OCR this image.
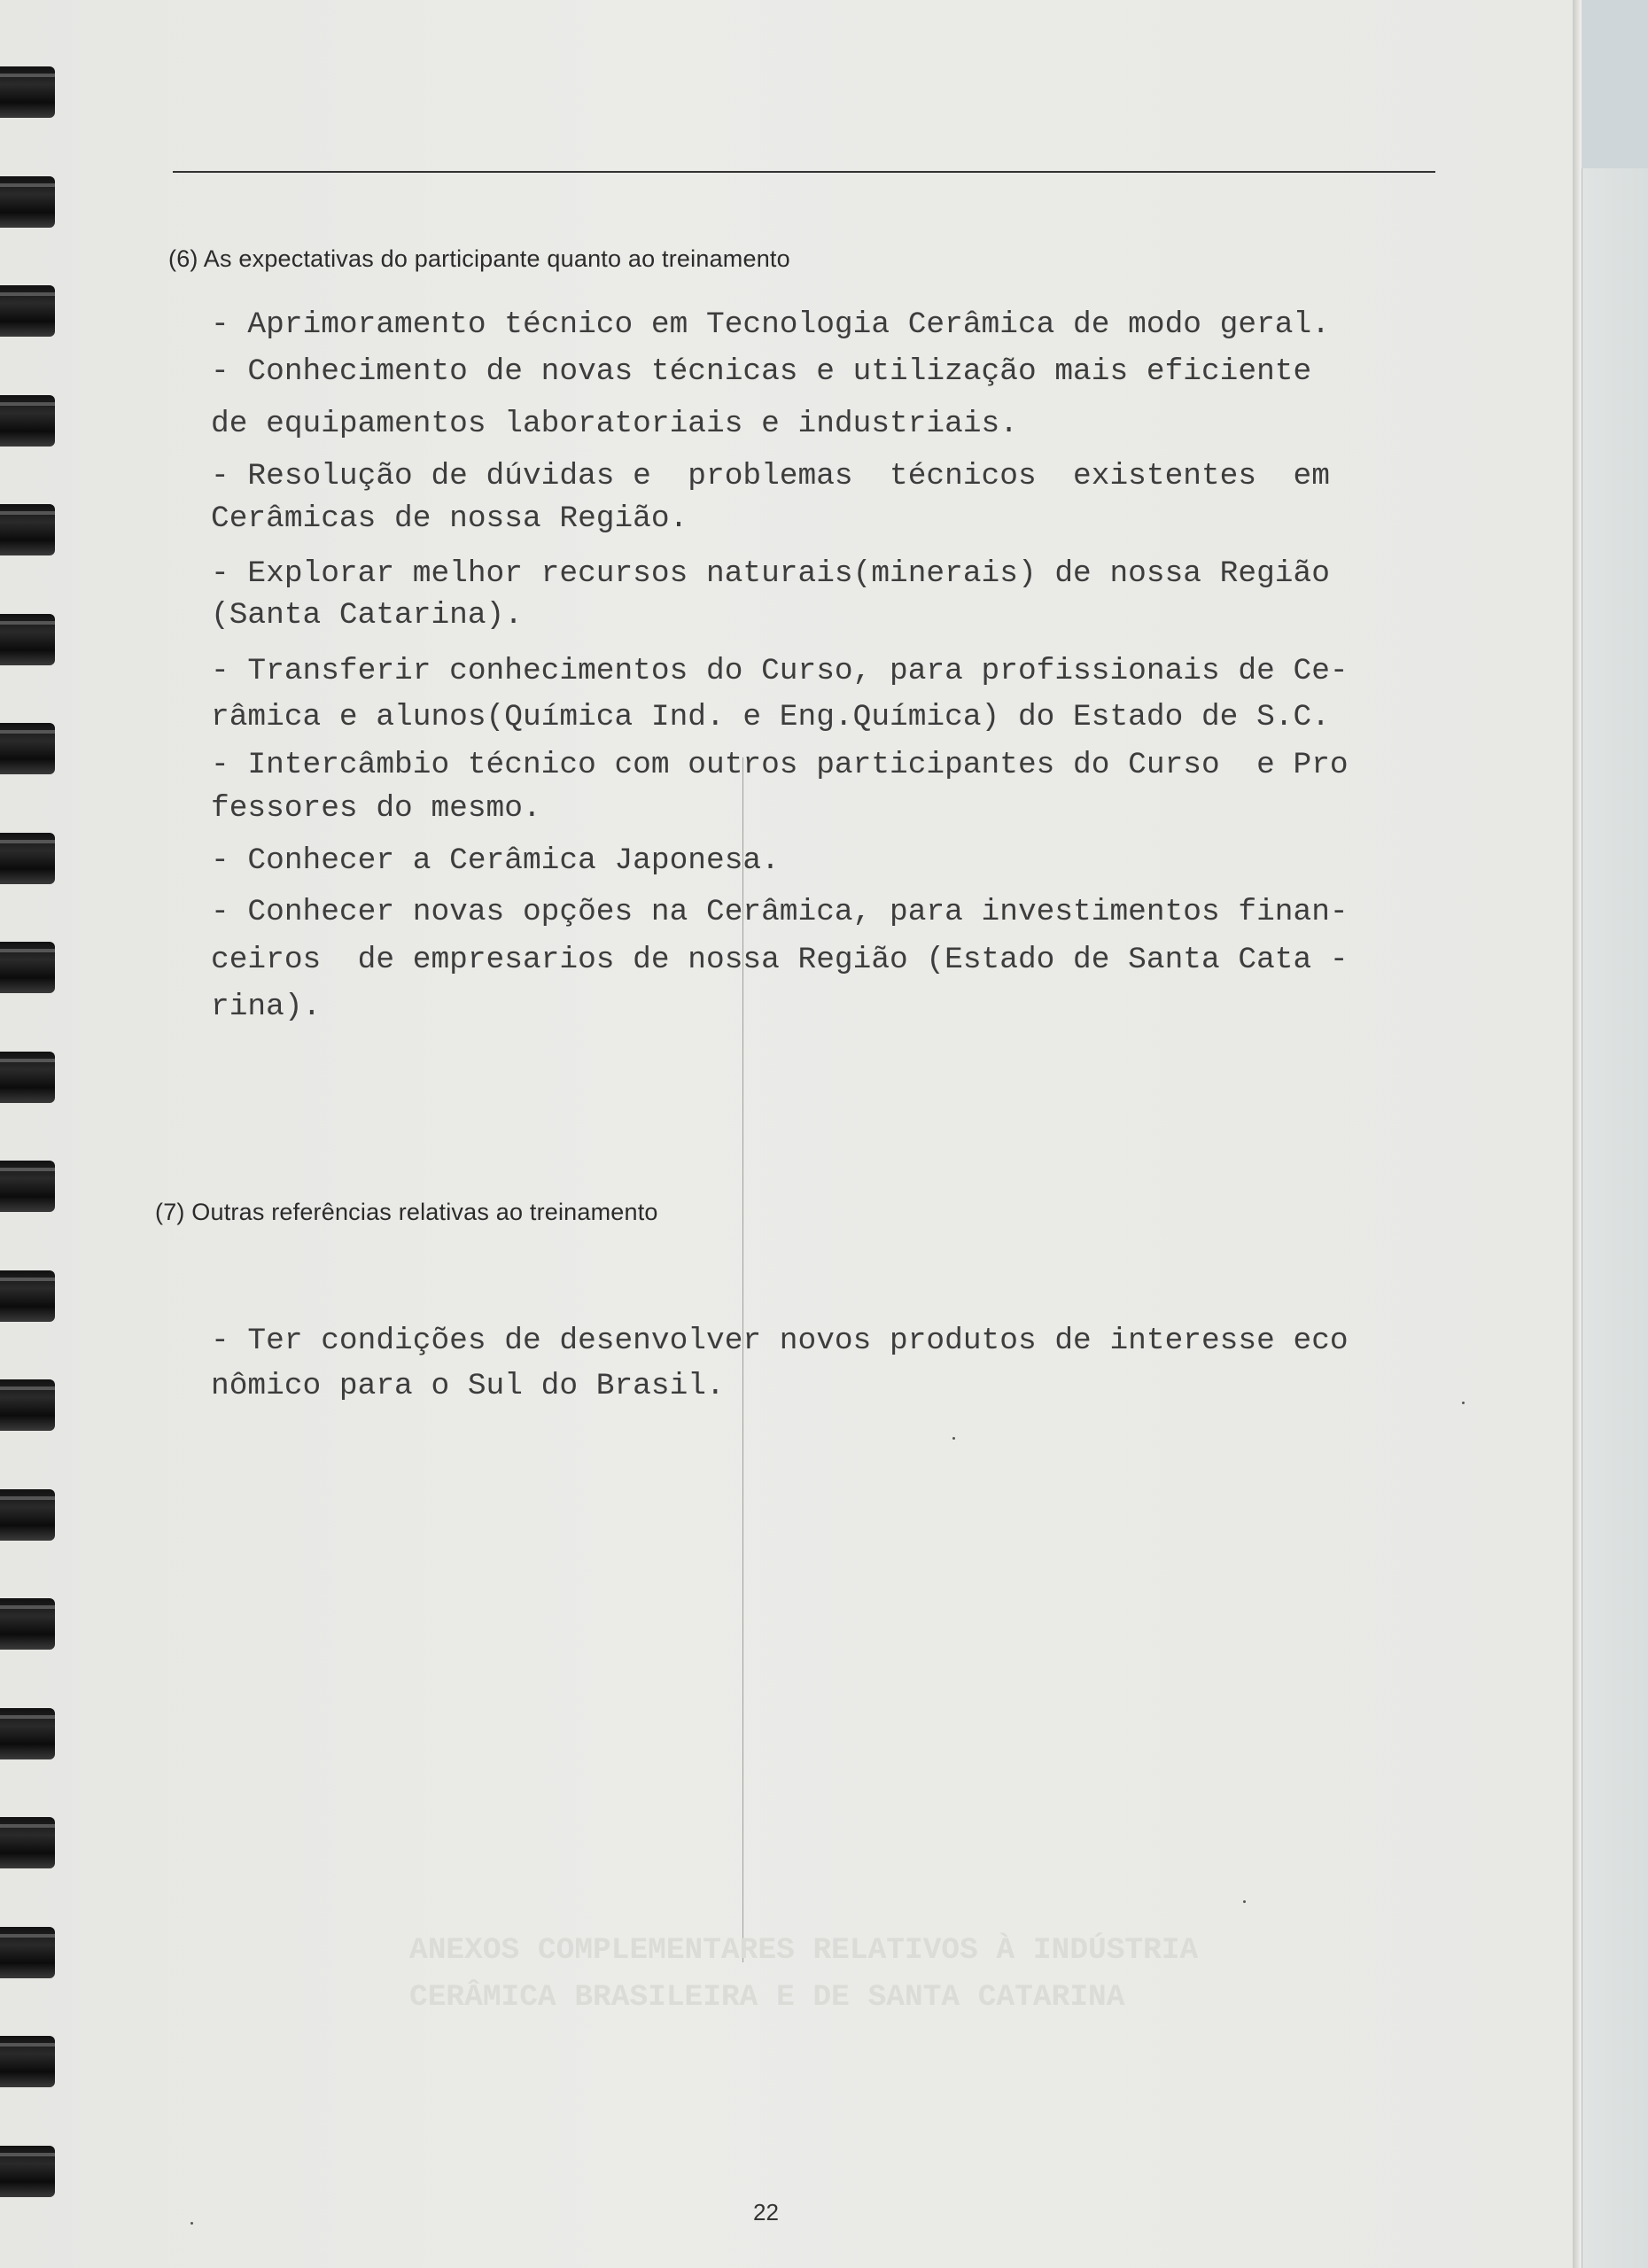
(6) As expectativas do participante quanto ao treinamento
- Aprimoramento técnico em Tecnologia Cerâmica de modo geral.
- Conhecimento de novas técnicas e utilização mais eficiente
de equipamentos laboratoriais e industriais.
- Resolução de dúvidas e  problemas  técnicos  existentes  em
Cerâmicas de nossa Região.
- Explorar melhor recursos naturais(minerais) de nossa Região
(Santa Catarina).
- Transferir conhecimentos do Curso, para profissionais de Ce-
râmica e alunos(Química Ind. e Eng.Química) do Estado de S.C.
- Intercâmbio técnico com outros participantes do Curso  e Pro
fessores do mesmo.
- Conhecer a Cerâmica Japonesa.
- Conhecer novas opções na Cerâmica, para investimentos finan-
ceiros  de empresarios de nossa Região (Estado de Santa Cata -
rina).
(7) Outras referências relativas ao treinamento
- Ter condições de desenvolver novos produtos de interesse eco
nômico para o Sul do Brasil.
ANEXOS COMPLEMENTARES RELATIVOS À INDÚSTRIA
CERÂMICA BRASILEIRA E DE SANTA CATARINA
22
